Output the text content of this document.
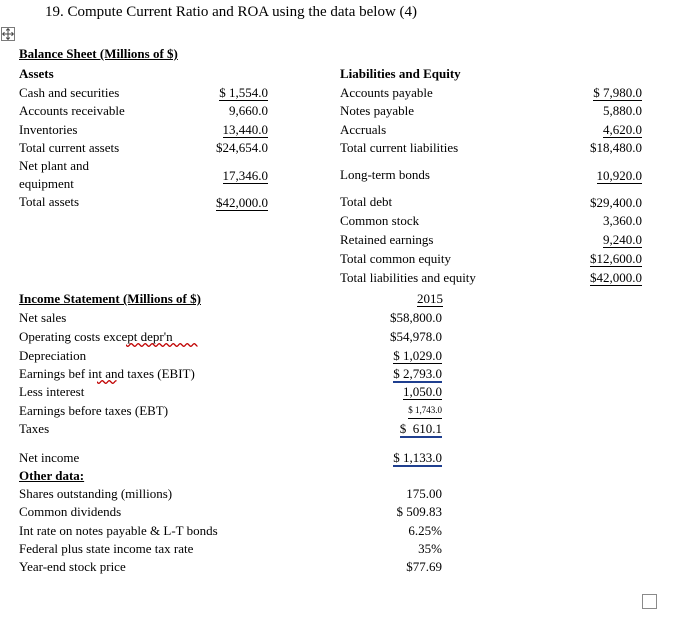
19. Compute Current Ratio and ROA using the data below (4)
Balance Sheet (Millions of $)
Assets
Cash and securities	$ 1,554.0
Accounts receivable	9,660.0
Inventories	13,440.0
Total current assets	$24,654.0
Net plant and
equipment
17,346.0
Total assets	$42,000.0
Liabilities and Equity
Accounts payable	$ 7,980.0
Notes payable	5,880.0
Accruals	4,620.0
Total current liabilities	$18,480.0
Long-term bonds	10,920.0
Total debt	$29,400.0
Common stock	3,360.0
Retained earnings	9,240.0
Total common equity	$12,600.0
Total liabilities and equity	$42,000.0
Income Statement (Millions of $)	2015
Net sales	$58,800.0
Operating costs except depr'n	$54,978.0
Depreciation	$ 1,029.0
Earnings bef int and taxes (EBIT)	$ 2,793.0
Less interest	1,050.0
Earnings before taxes (EBT)	$ 1,743.0
Taxes	$  610.1
Net income	$ 1,133.0
Other data:
Shares outstanding (millions)	175.00
Common dividends	$ 509.83
Int rate on notes payable & L-T bonds	6.25%
Federal plus state income tax rate	35%
Year-end stock price	$77.69
